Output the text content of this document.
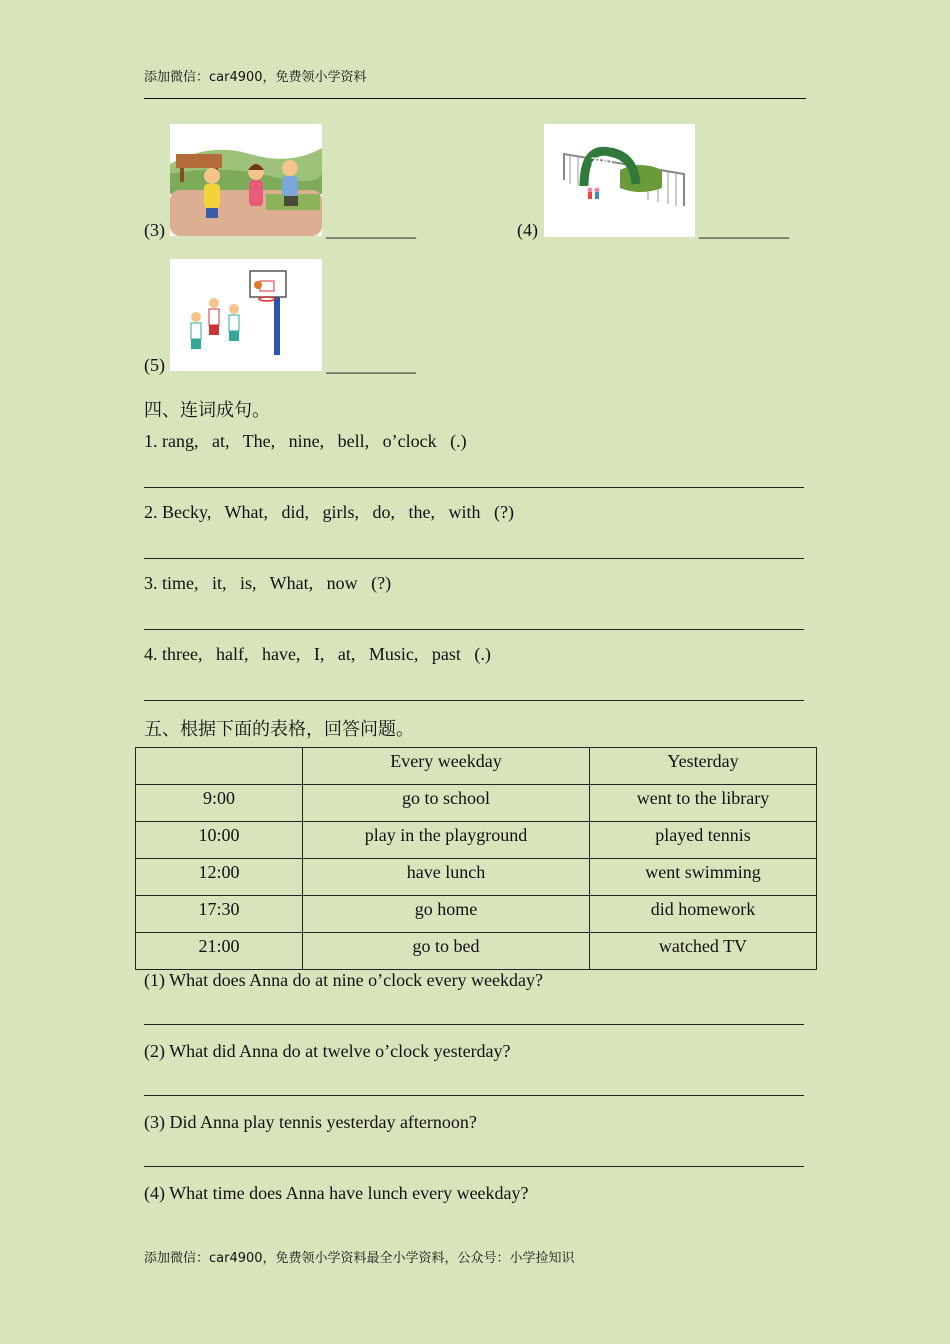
添加微信：car4900，免费领小学资料
(3)	__________	(4)
ZOO
__________
(5)	__________
四、连词成句。
1. rang,   at,   The,   nine,   bell,   o’clock   (.)
2. Becky,   What,   did,   girls,   do,   the,   with   (?)
3. time,   it,   is,   What,   now   (?)
4. three,   half,   have,   I,   at,   Music,   past   (.)
五、根据下面的表格，回答问题。
	Every weekday	Yesterday
9:00	go to school	went to the library
10:00	play in the playground	played tennis
12:00	have lunch	went swimming
17:30	go home	did homework
21:00	go to bed	watched TV
(1) What does Anna do at nine o’clock every weekday?
(2) What did Anna do at twelve o’clock yesterday?
(3) Did Anna play tennis yesterday afternoon?
(4) What time does Anna have lunch every weekday?
添加微信：car4900，免费领小学资料最全小学资料，公众号：小学捡知识
